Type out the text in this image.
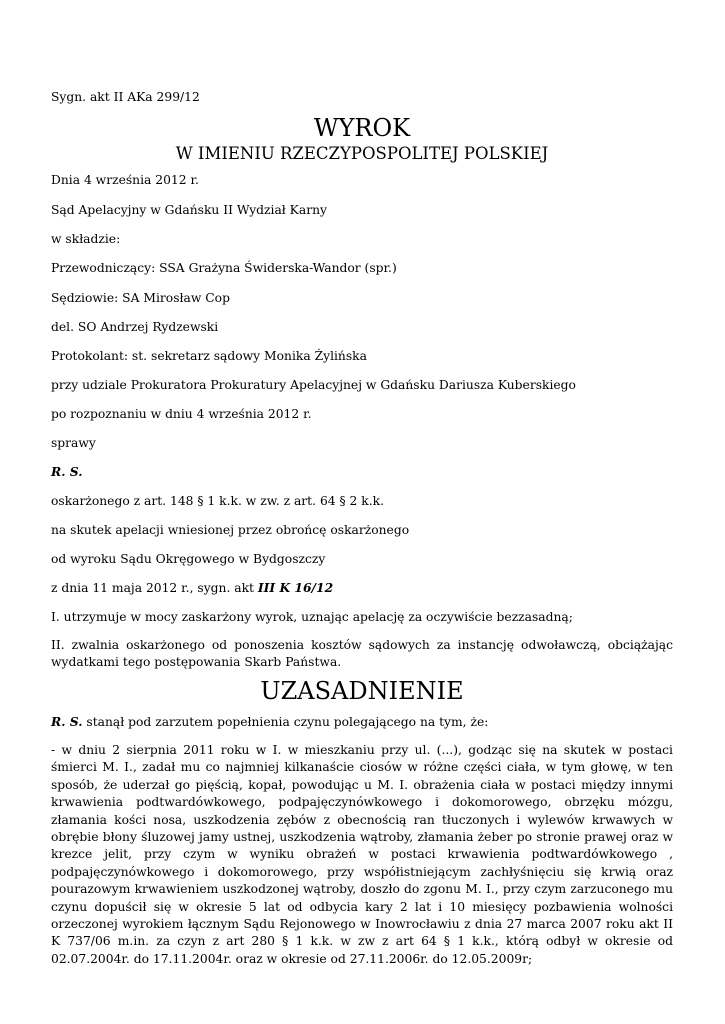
Sygn. akt II AKa 299/12
WYROK
W IMIENIU RZECZYPOSPOLITEJ POLSKIEJ
Dnia 4 września 2012 r.
Sąd Apelacyjny w Gdańsku II Wydział Karny
w składzie:
Przewodniczący: SSA Grażyna Świderska-Wandor (spr.)
Sędziowie: SA Mirosław Cop
del. SO Andrzej Rydzewski
Protokolant: st. sekretarz sądowy Monika Żylińska
przy udziale Prokuratora Prokuratury Apelacyjnej w Gdańsku Dariusza Kuberskiego
po rozpoznaniu w dniu 4 września 2012 r.
sprawy
R. S.
oskarżonego z art. 148 § 1 k.k. w zw. z art. 64 § 2 k.k.
na skutek apelacji wniesionej przez obrońcę oskarżonego
od wyroku Sądu Okręgowego w Bydgoszczy
z dnia 11 maja 2012 r., sygn. akt III K 16/12
I. utrzymuje w mocy zaskarżony wyrok, uznając apelację za oczywiście bezzasadną;
II. zwalnia oskarżonego od ponoszenia kosztów sądowych za instancję odwoławczą, obciążając wydatkami tego postępowania Skarb Państwa.
UZASADNIENIE
R. S. stanął pod zarzutem popełnienia czynu polegającego na tym, że:
- w dniu 2 sierpnia 2011 roku w I. w mieszkaniu przy ul. (...), godząc się na skutek w postaci śmierci M. I., zadał mu co najmniej kilkanaście ciosów w różne części ciała, w tym głowę, w ten sposób, że uderzał go pięścią, kopał, powodując u M. I. obrażenia ciała w postaci między innymi krwawienia podtwardówkowego, podpajęczynówkowego i dokomorowego, obrzęku mózgu, złamania kości nosa, uszkodzenia zębów z obecnością ran tłuczonych i wylewów krwawych w obrębie błony śluzowej jamy ustnej, uszkodzenia wątroby, złamania żeber po stronie prawej oraz w krezce jelit, przy czym w wyniku obrażeń w postaci krwawienia podtwardówkowego , podpajęczynówkowego i dokomorowego, przy współistniejącym zachłyśnięciu się krwią oraz pourazowym krwawieniem uszkodzonej wątroby, doszło do zgonu M. I., przy czym zarzuconego mu czynu dopuścił się w okresie 5 lat od odbycia kary 2 lat i 10 miesięcy pozbawienia wolności orzeczonej wyrokiem łącznym Sądu Rejonowego w Inowrocławiu z dnia 27 marca 2007 roku akt II K 737/06 m.in. za czyn z art 280 § 1 k.k. w zw z art 64 § 1 k.k., którą odbył w okresie od 02.07.2004r. do 17.11.2004r. oraz w okresie od 27.11.2006r. do 12.05.2009r;
